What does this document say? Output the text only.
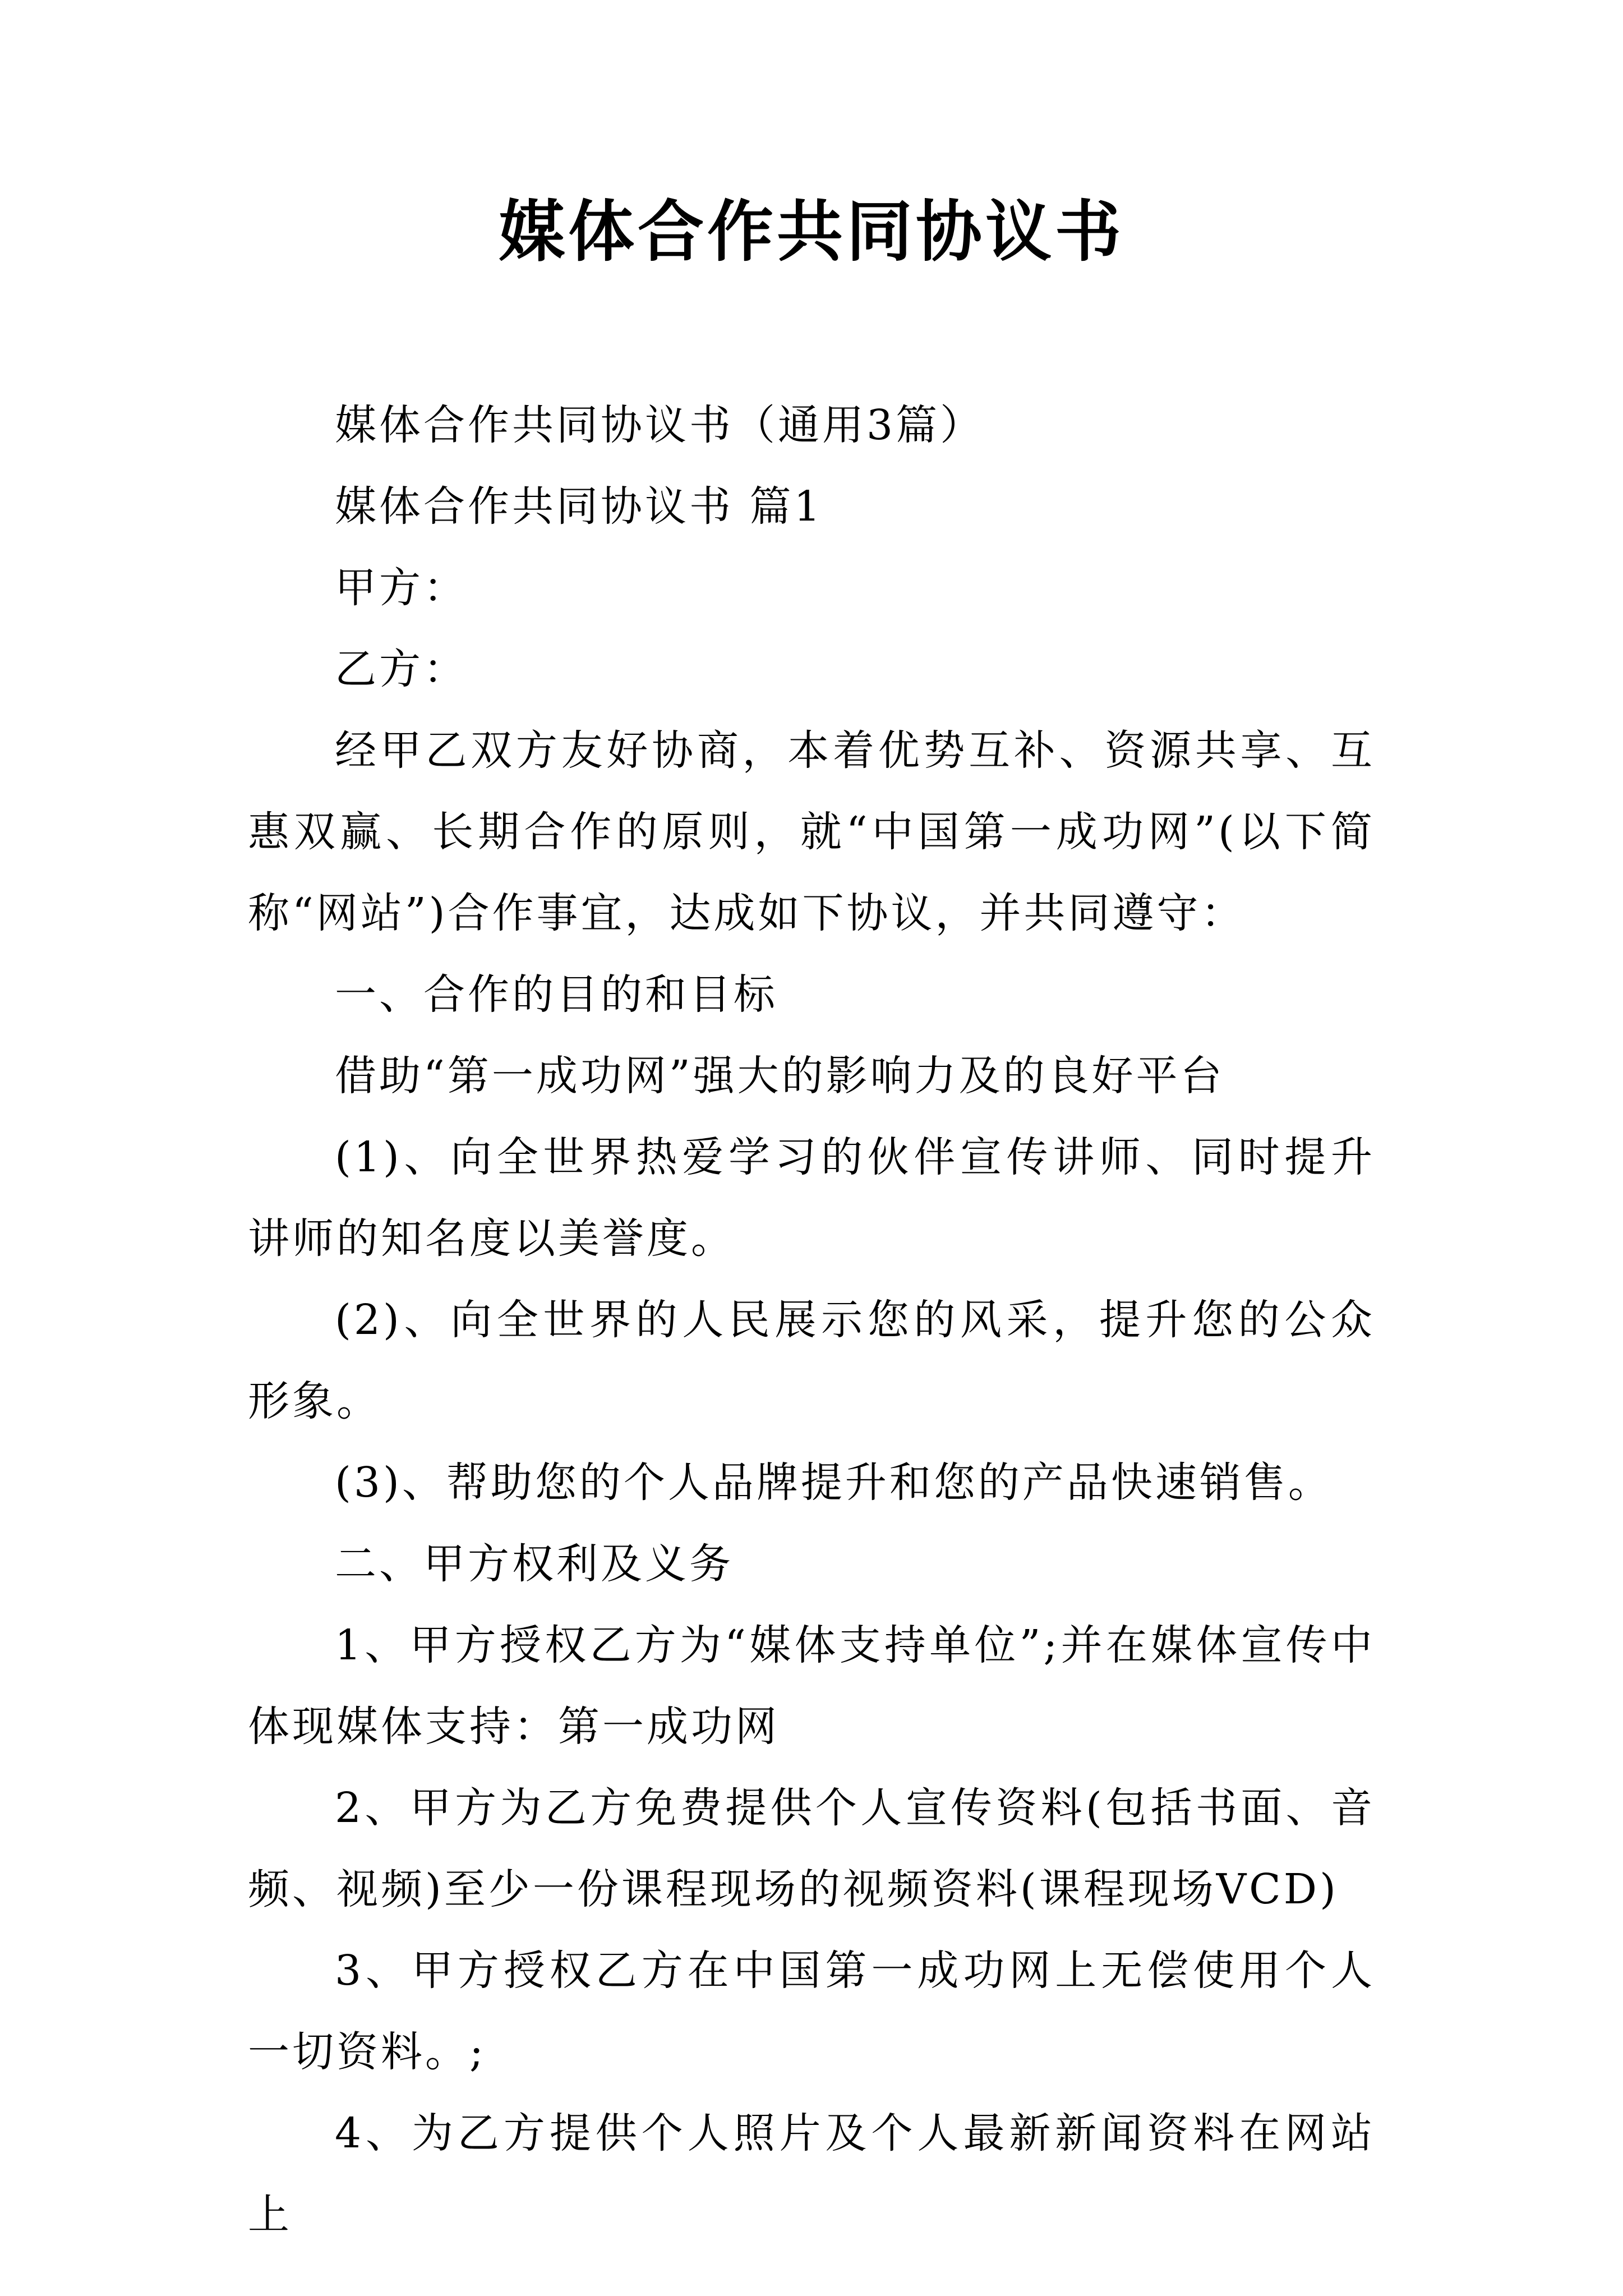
媒体合作共同协议书

媒体合作共同协议书（通用3篇）

媒体合作共同协议书 篇1

甲方：

乙方：

经甲乙双方友好协商，本着优势互补、资源共享、互惠双赢、长期合作的原则，就“中国第一成功网”(以下简称“网站”)合作事宜，达成如下协议，并共同遵守：

一、合作的目的和目标

借助“第一成功网”强大的影响力及的良好平台

(1)、向全世界热爱学习的伙伴宣传讲师、同时提升讲师的知名度以美誉度。

(2)、向全世界的人民展示您的风采，提升您的公众形象。

(3)、帮助您的个人品牌提升和您的产品快速销售。

二、甲方权利及义务

1、甲方授权乙方为“媒体支持单位”;并在媒体宣传中体现媒体支持：第一成功网

2、甲方为乙方免费提供个人宣传资料(包括书面、音频、视频)至少一份课程现场的视频资料(课程现场VCD)

3、甲方授权乙方在中国第一成功网上无偿使用个人一切资料。;

4、为乙方提供个人照片及个人最新新闻资料在网站上
